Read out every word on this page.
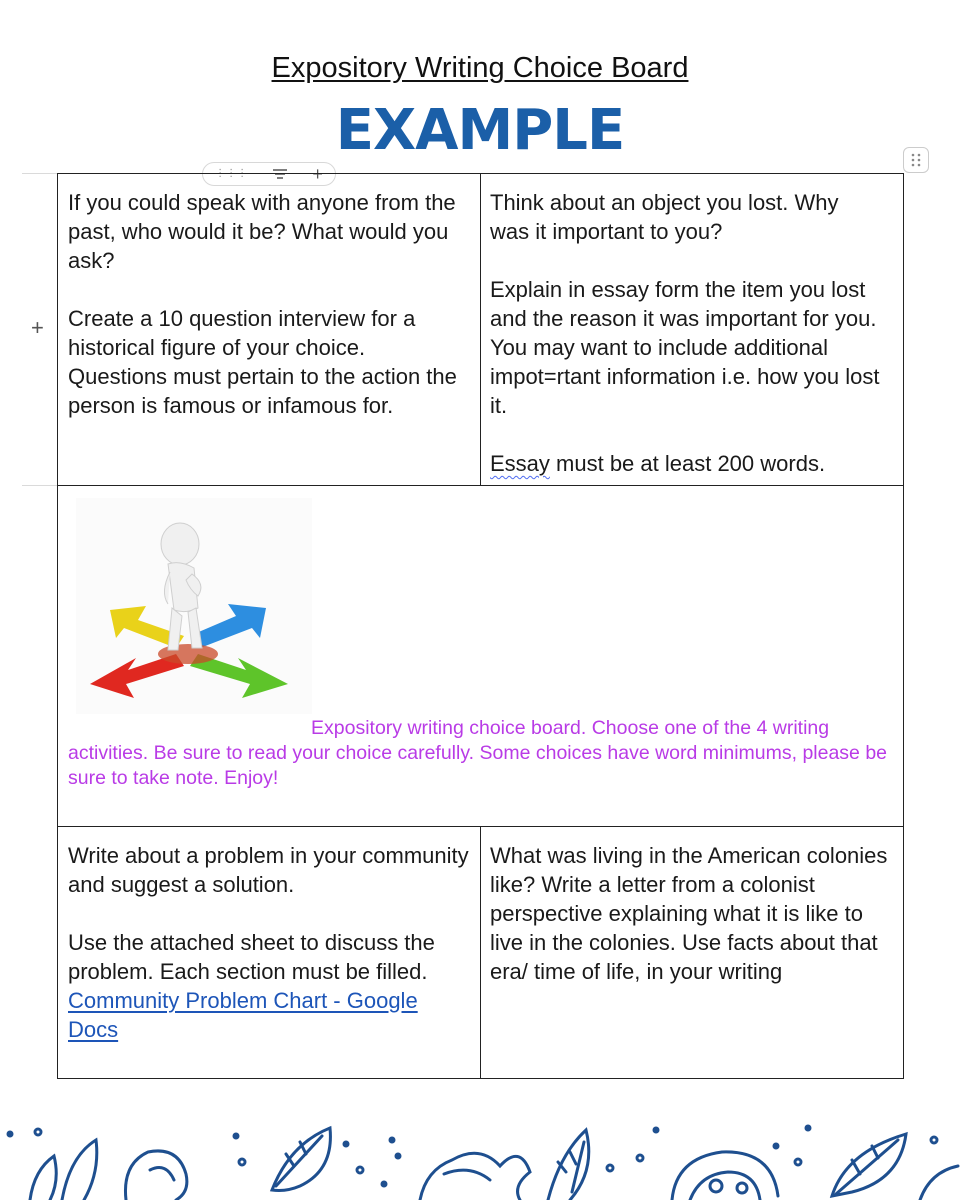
Expository Writing Choice Board
EXAMPLE
⋮⋮⋮	+
+

If you could speak with anyone from the past, who would it be? What would you ask?

Create a 10 question interview for a historical figure of your choice. Questions must pertain to the action the person is famous or infamous for.

Think about an object you lost. Why was it important to you?

Explain in essay form the item you lost and the reason it was important for you. You may want to include additional impot=rtant information i.e. how you lost it.

Essay must be at least 200 words.

Expository writing choice board. Choose one of the 4 writing activities. Be sure to read your choice carefully. Some choices have word minimums, please be sure to take note. Enjoy!

Write about a problem in your community and suggest a solution.

Use the attached sheet to discuss the problem. Each section must be filled.

Community Problem Chart - Google Docs

What was living in the American colonies like? Write a letter from a colonist perspective explaining what it is like to live in the colonies. Use facts about that era/ time of life, in your writing
